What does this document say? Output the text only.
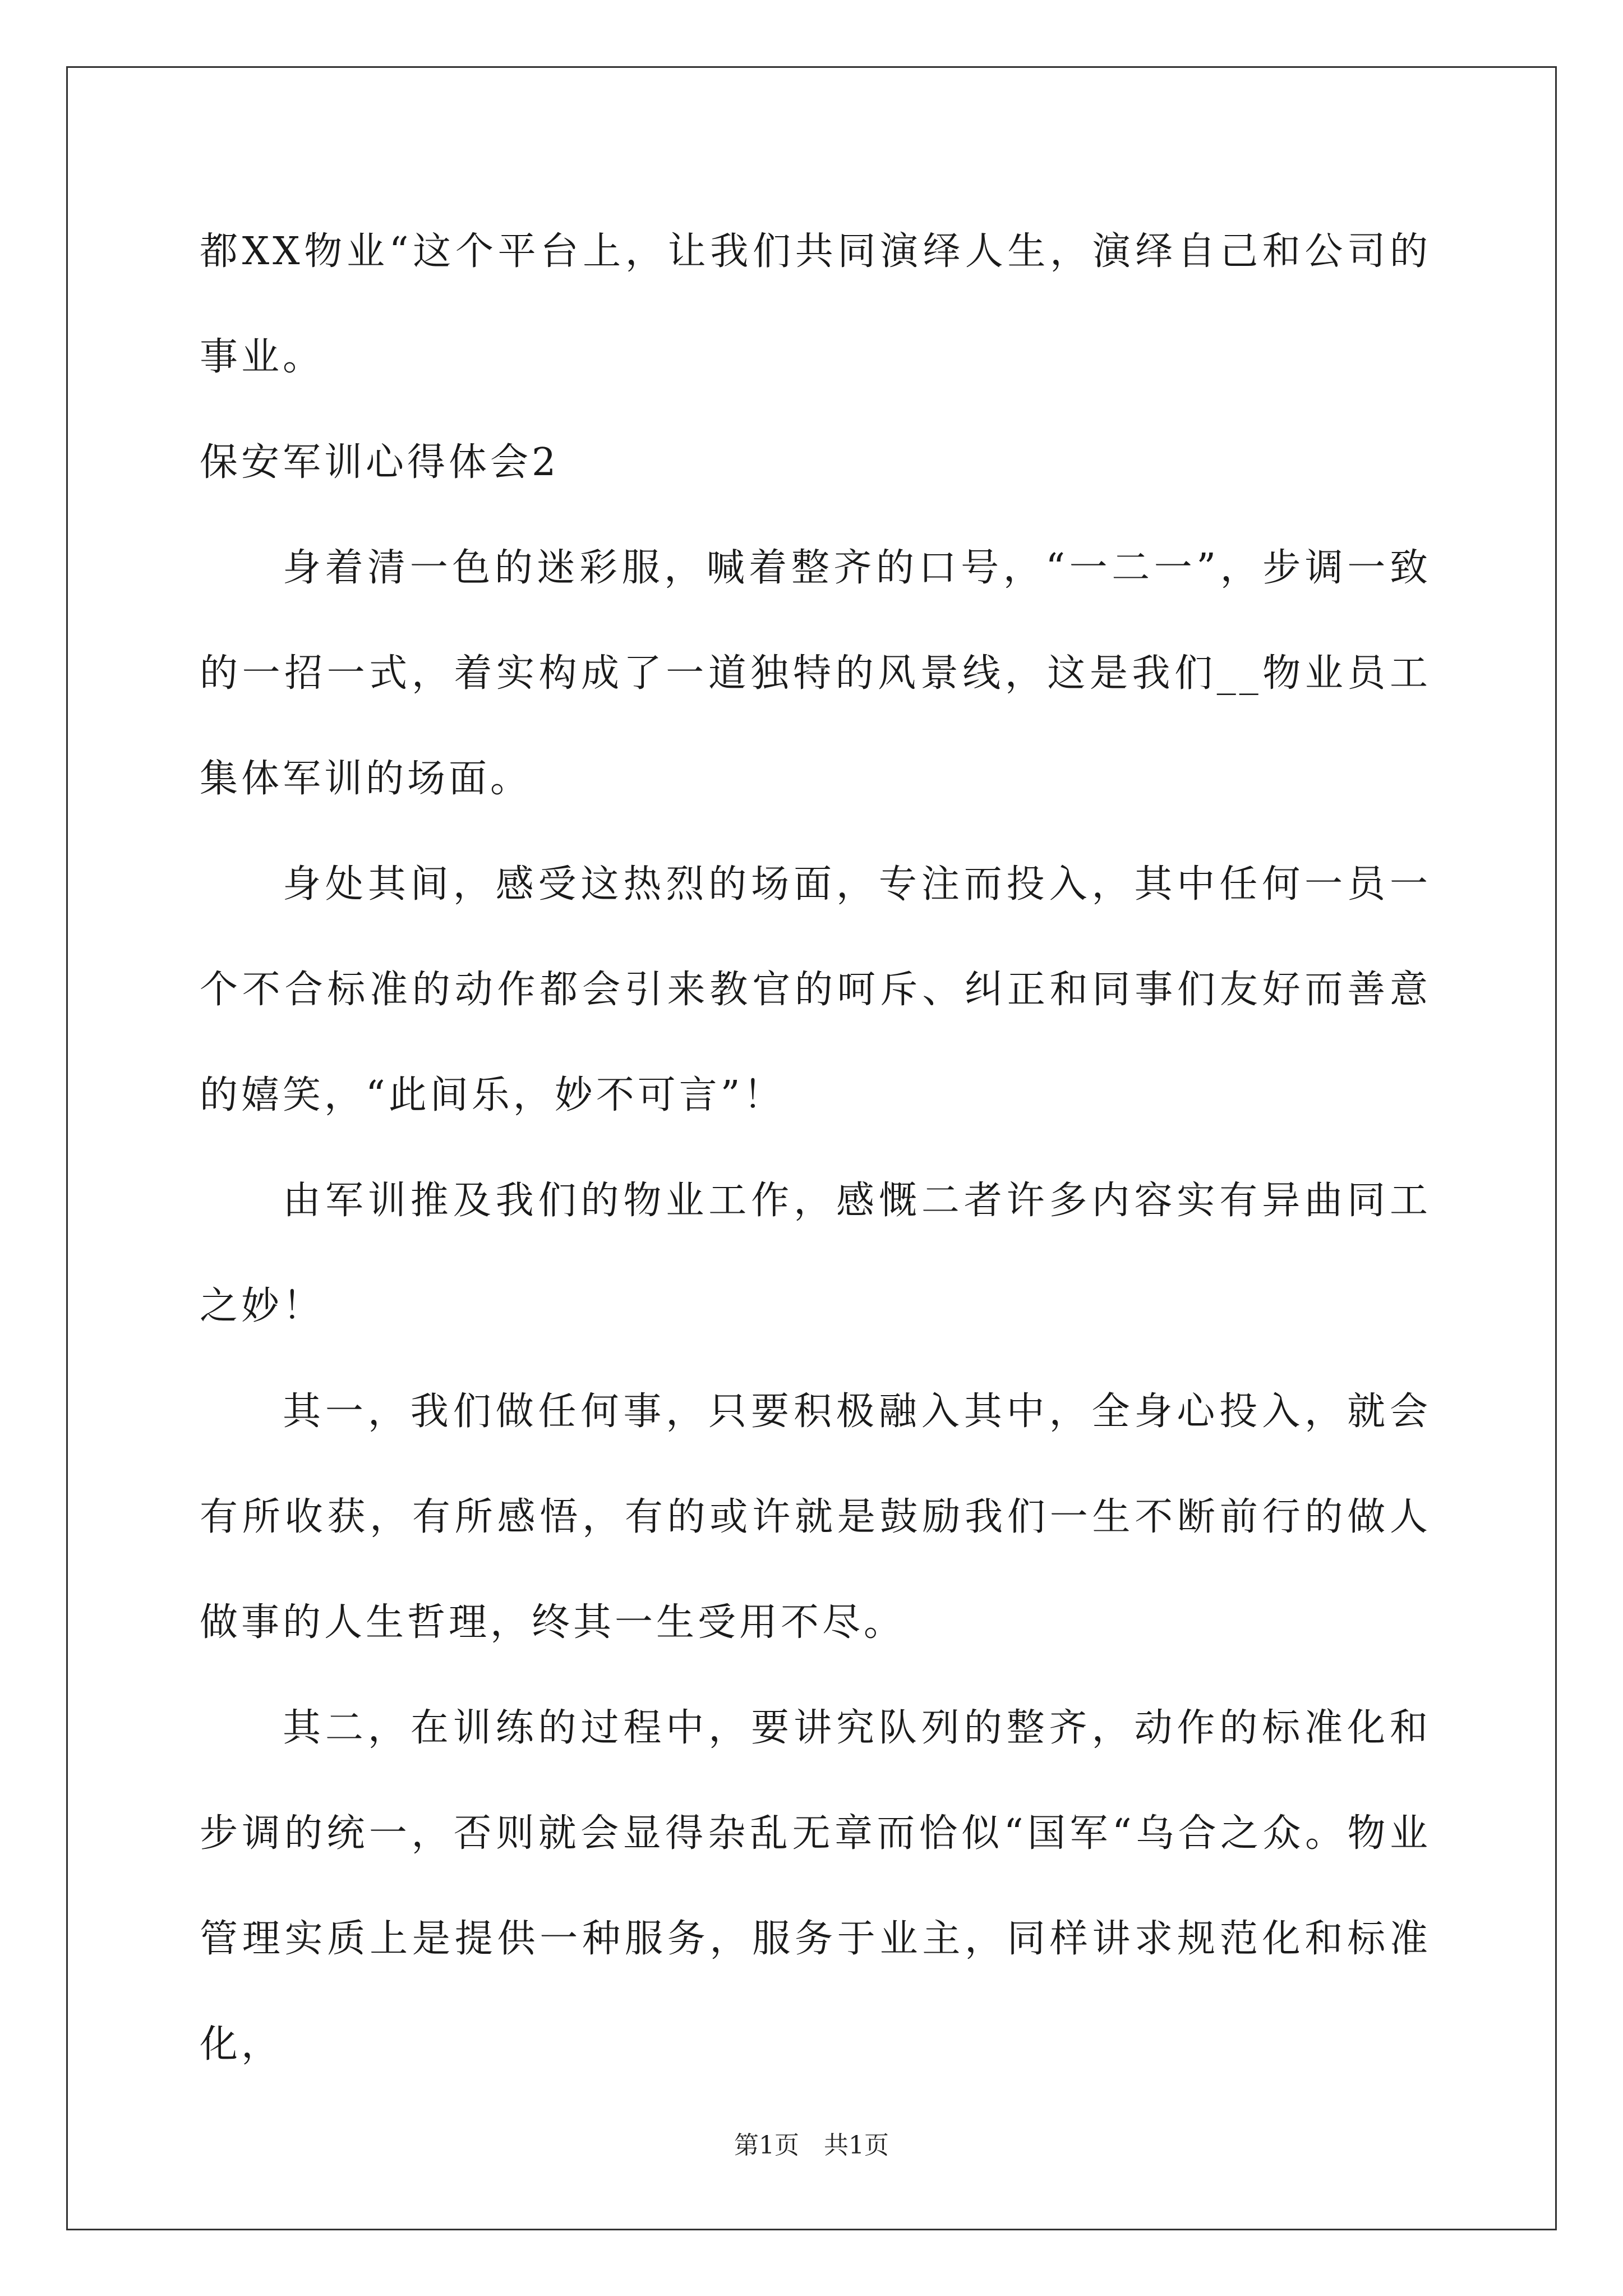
都XX物业“这个平台上，让我们共同演绎人生，演绎自己和公司的事业。

保安军训心得体会2

身着清一色的迷彩服，喊着整齐的口号，“一二一”，步调一致的一招一式，着实构成了一道独特的风景线，这是我们__物业员工集体军训的场面。

身处其间，感受这热烈的场面，专注而投入，其中任何一员一个不合标准的动作都会引来教官的呵斥、纠正和同事们友好而善意的嬉笑，“此间乐，妙不可言”！

由军训推及我们的物业工作，感慨二者许多内容实有异曲同工之妙！

其一，我们做任何事，只要积极融入其中，全身心投入，就会有所收获，有所感悟，有的或许就是鼓励我们一生不断前行的做人做事的人生哲理，终其一生受用不尽。

其二，在训练的过程中，要讲究队列的整齐，动作的标准化和步调的统一，否则就会显得杂乱无章而恰似“国军“乌合之众。物业管理实质上是提供一种服务，服务于业主，同样讲求规范化和标准化，

第1页　共1页
